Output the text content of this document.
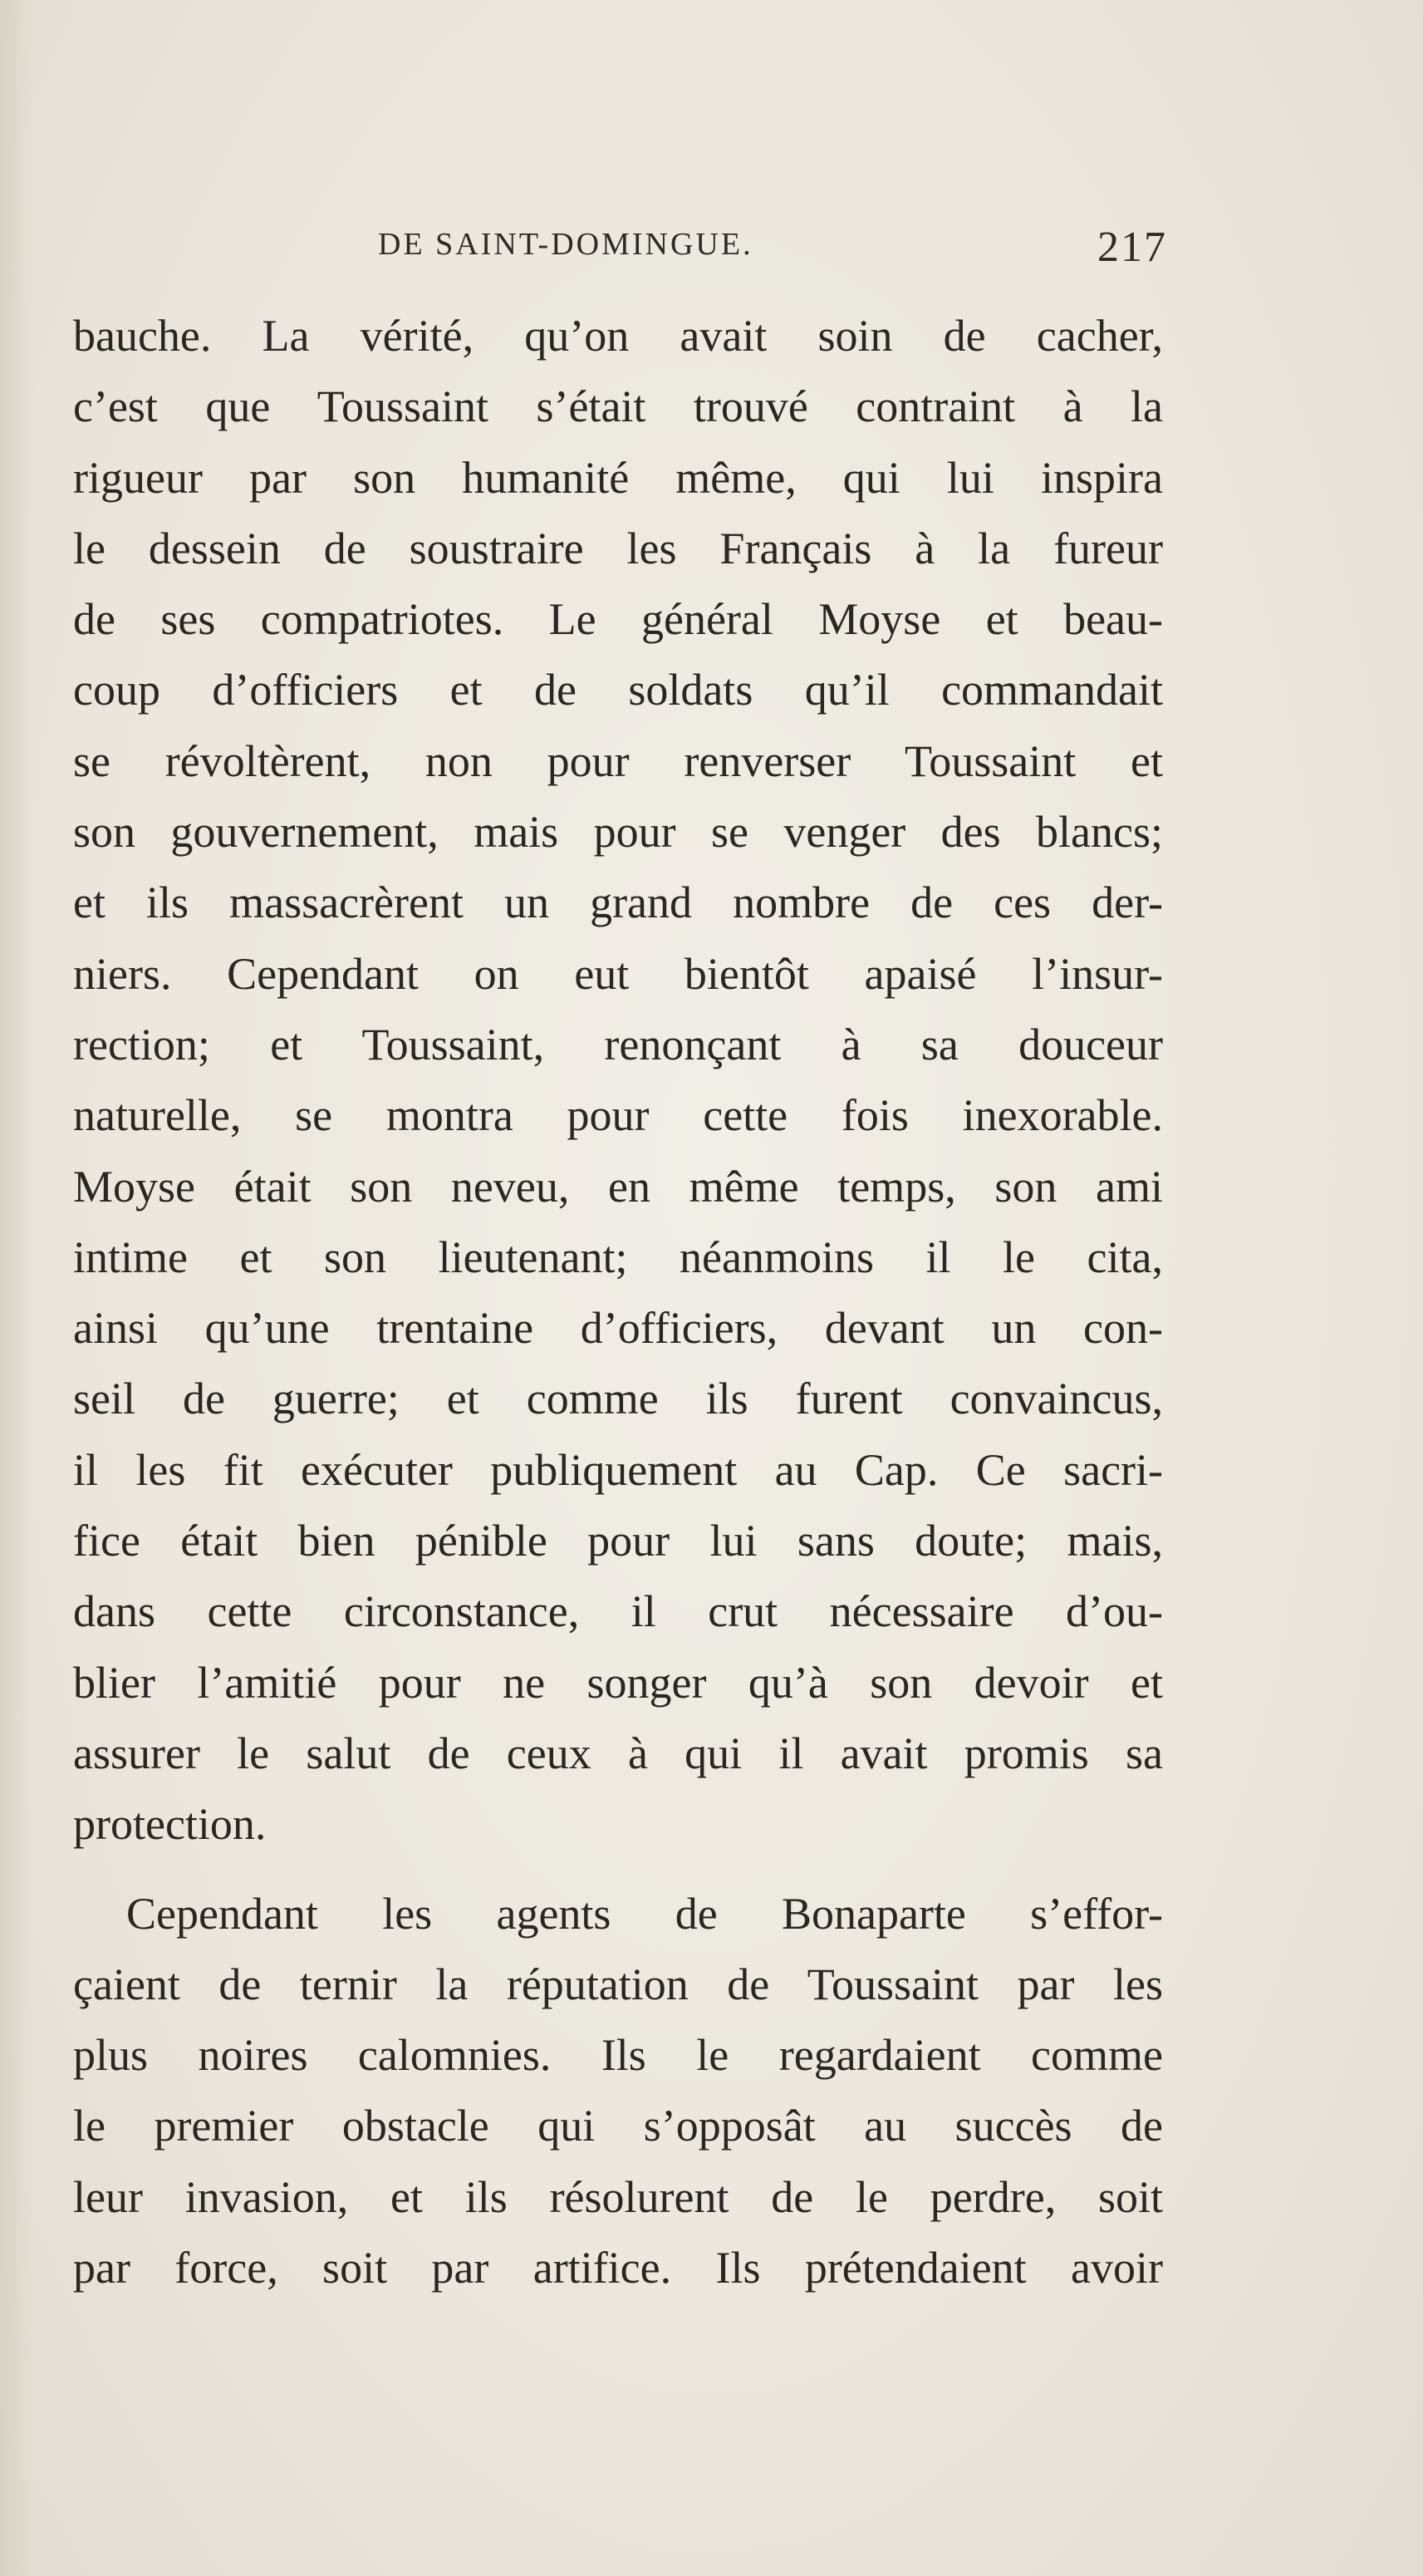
DE SAINT-DOMINGUE.	217
bauche. La vérité, qu’on avait soin de cacher,
c’est que Toussaint s’était trouvé contraint à la
rigueur par son humanité même, qui lui inspira
le dessein de soustraire les Français à la fureur
de ses compatriotes. Le général Moyse et beau-
coup d’officiers et de soldats qu’il commandait
se révoltèrent, non pour renverser Toussaint et
son gouvernement, mais pour se venger des blancs;
et ils massacrèrent un grand nombre de ces der-
niers. Cependant on eut bientôt apaisé l’insur-
rection; et Toussaint, renonçant à sa douceur
naturelle, se montra pour cette fois inexorable.
Moyse était son neveu, en même temps, son ami
intime et son lieutenant; néanmoins il le cita,
ainsi qu’une trentaine d’officiers, devant un con-
seil de guerre; et comme ils furent convaincus,
il les fit exécuter publiquement au Cap. Ce sacri-
fice était bien pénible pour lui sans doute; mais,
dans cette circonstance, il crut nécessaire d’ou-
blier l’amitié pour ne songer qu’à son devoir et
assurer le salut de ceux à qui il avait promis sa
protection.
Cependant les agents de Bonaparte s’effor-
çaient de ternir la réputation de Toussaint par les
plus noires calomnies. Ils le regardaient comme
le premier obstacle qui s’opposât au succès de
leur invasion, et ils résolurent de le perdre, soit
par force, soit par artifice. Ils prétendaient avoir
